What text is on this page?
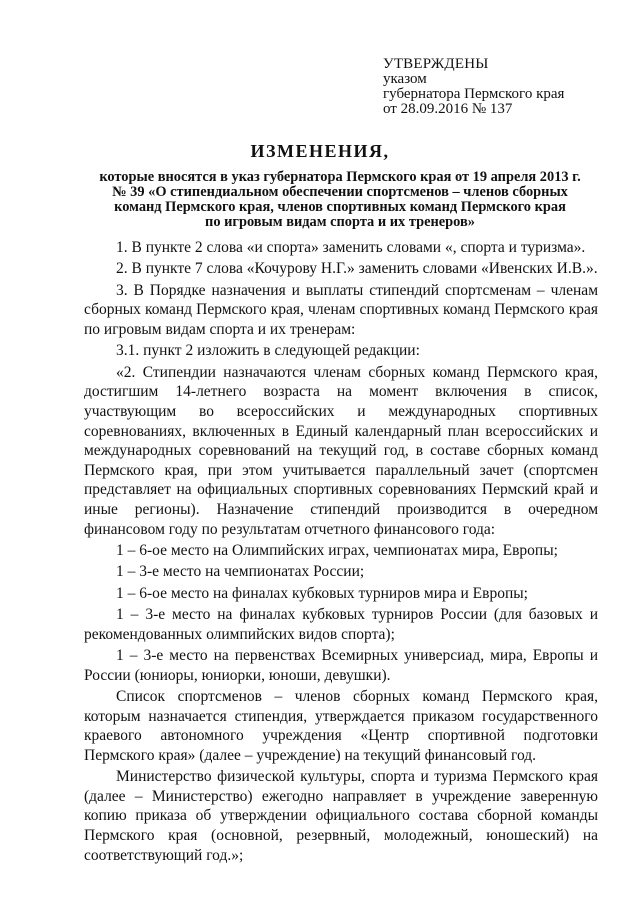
УТВЕРЖДЕНЫ
указом
губернатора Пермского края
от 28.09.2016 № 137
ИЗМЕНЕНИЯ,
которые вносятся в указ губернатора Пермского края от 19 апреля 2013 г.
№ 39 «О стипендиальном обеспечении спортсменов – членов сборных
команд Пермского края, членов спортивных команд Пермского края
по игровым видам спорта и их тренеров»

1. В пункте 2 слова «и спорта» заменить словами «, спорта и туризма».

2. В пункте 7 слова «Кочурову Н.Г.» заменить словами «Ивенских И.В.».

3. В Порядке назначения и выплаты стипендий спортсменам – членам сборных команд Пермского края, членам спортивных команд Пермского края по игровым видам спорта и их тренерам:

3.1. пункт 2 изложить в следующей редакции:

«2. Стипендии назначаются членам сборных команд Пермского края, достигшим 14-летнего возраста на момент включения в список, участвующим во всероссийских и международных спортивных соревнованиях, включенных в Единый календарный план всероссийских и международных соревнований на текущий год, в составе сборных команд Пермского края, при этом учитывается параллельный зачет (спортсмен представляет на официальных спортивных соревнованиях Пермский край и иные регионы). Назначение стипендий производится в очередном финансовом году по результатам отчетного финансового года:

1 – 6-ое место на Олимпийских играх, чемпионатах мира, Европы;

1 – 3-е место на чемпионатах России;

1 – 6-ое место на финалах кубковых турниров мира и Европы;

1 – 3-е место на финалах кубковых турниров России (для базовых и рекомендованных олимпийских видов спорта);

1 – 3-е место на первенствах Всемирных универсиад, мира, Европы и России (юниоры, юниорки, юноши, девушки).

Список спортсменов – членов сборных команд Пермского края, которым назначается стипендия, утверждается приказом государственного краевого автономного учреждения «Центр спортивной подготовки Пермского края» (далее – учреждение) на текущий финансовый год.

Министерство физической культуры, спорта и туризма Пермского края (далее – Министерство) ежегодно направляет в учреждение заверенную копию приказа об утверждении официального состава сборной команды Пермского края (основной, резервный, молодежный, юношеский) на соответствующий год.»;
